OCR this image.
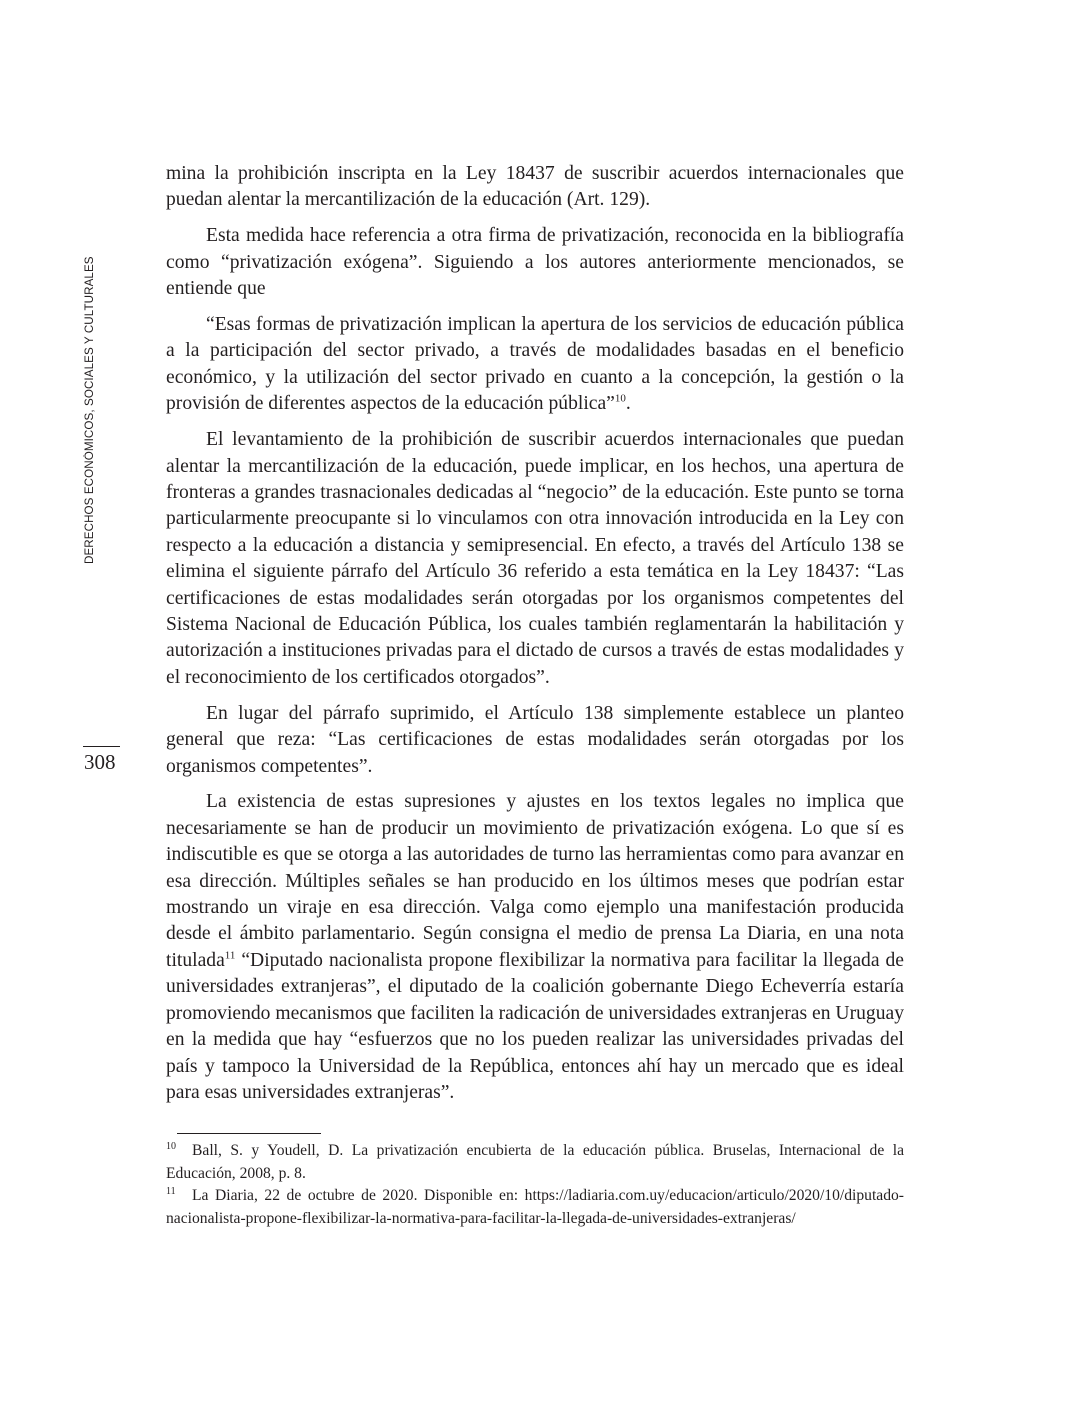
DERECHOS ECONÓMICOS, SOCIALES Y CULTURALES
308

mina la prohibición inscripta en la Ley 18437 de suscribir acuerdos internacionales que puedan alentar la mercantilización de la educación (Art. 129).

Esta medida hace referencia a otra firma de privatización, reconocida en la bibliografía como “privatización exógena”. Siguiendo a los autores anteriormente mencionados, se entiende que

“Esas formas de privatización implican la apertura de los servicios de educación pública a la participación del sector privado, a través de modalidades basadas en el beneficio económico, y la utilización del sector privado en cuanto a la concepción, la gestión o la provisión de diferentes aspectos de la educación pública”$^{10}$.

El levantamiento de la prohibición de suscribir acuerdos internacionales que puedan alentar la mercantilización de la educación, puede implicar, en los hechos, una apertura de fronteras a grandes trasnacionales dedicadas al “negocio” de la educación. Este punto se torna particularmente preocupante si lo vinculamos con otra innovación introducida en la Ley con respecto a la educación a distancia y semipresencial. En efecto, a través del Artículo 138 se elimina el siguiente párrafo del Artículo 36 referido a esta temática en la Ley 18437: “Las certificaciones de estas modalidades serán otorgadas por los organismos competentes del Sistema Nacional de Educación Pública, los cuales también reglamentarán la habilitación y autorización a instituciones privadas para el dictado de cursos a través de estas modalidades y el reconocimiento de los certificados otorgados”.

En lugar del párrafo suprimido, el Artículo 138 simplemente establece un planteo general que reza: “Las certificaciones de estas modalidades serán otorgadas por los organismos competentes”.

La existencia de estas supresiones y ajustes en los textos legales no implica que necesariamente se han de producir un movimiento de privatización exógena. Lo que sí es indiscutible es que se otorga a las autoridades de turno las herramientas como para avanzar en esa dirección. Múltiples señales se han producido en los últimos meses que podrían estar mostrando un viraje en esa dirección. Valga como ejemplo una manifestación producida desde el ámbito parlamentario. Según consigna el medio de prensa La Diaria, en una nota titulada$^{11}$ “Diputado nacionalista propone flexibilizar la normativa para facilitar la llegada de universidades extranjeras”, el diputado de la coalición gobernante Diego Echeverría estaría promoviendo mecanismos que faciliten la radicación de universidades extranjeras en Uruguay en la medida que hay “esfuerzos que no los pueden realizar las universidades privadas del país y tampoco la Universidad de la República, entonces ahí hay un mercado que es ideal para esas universidades extranjeras”.

10 Ball, S. y Youdell, D. La privatización encubierta de la educación pública. Bruselas, Internacional de la Educación, 2008, p. 8.

11 La Diaria, 22 de octubre de 2020. Disponible en: https://ladiaria.com.uy/educacion/articulo/2020/10/diputado-nacionalista-propone-flexibilizar-la-normativa-para-facilitar-la-llegada-de-universidades-extranjeras/
